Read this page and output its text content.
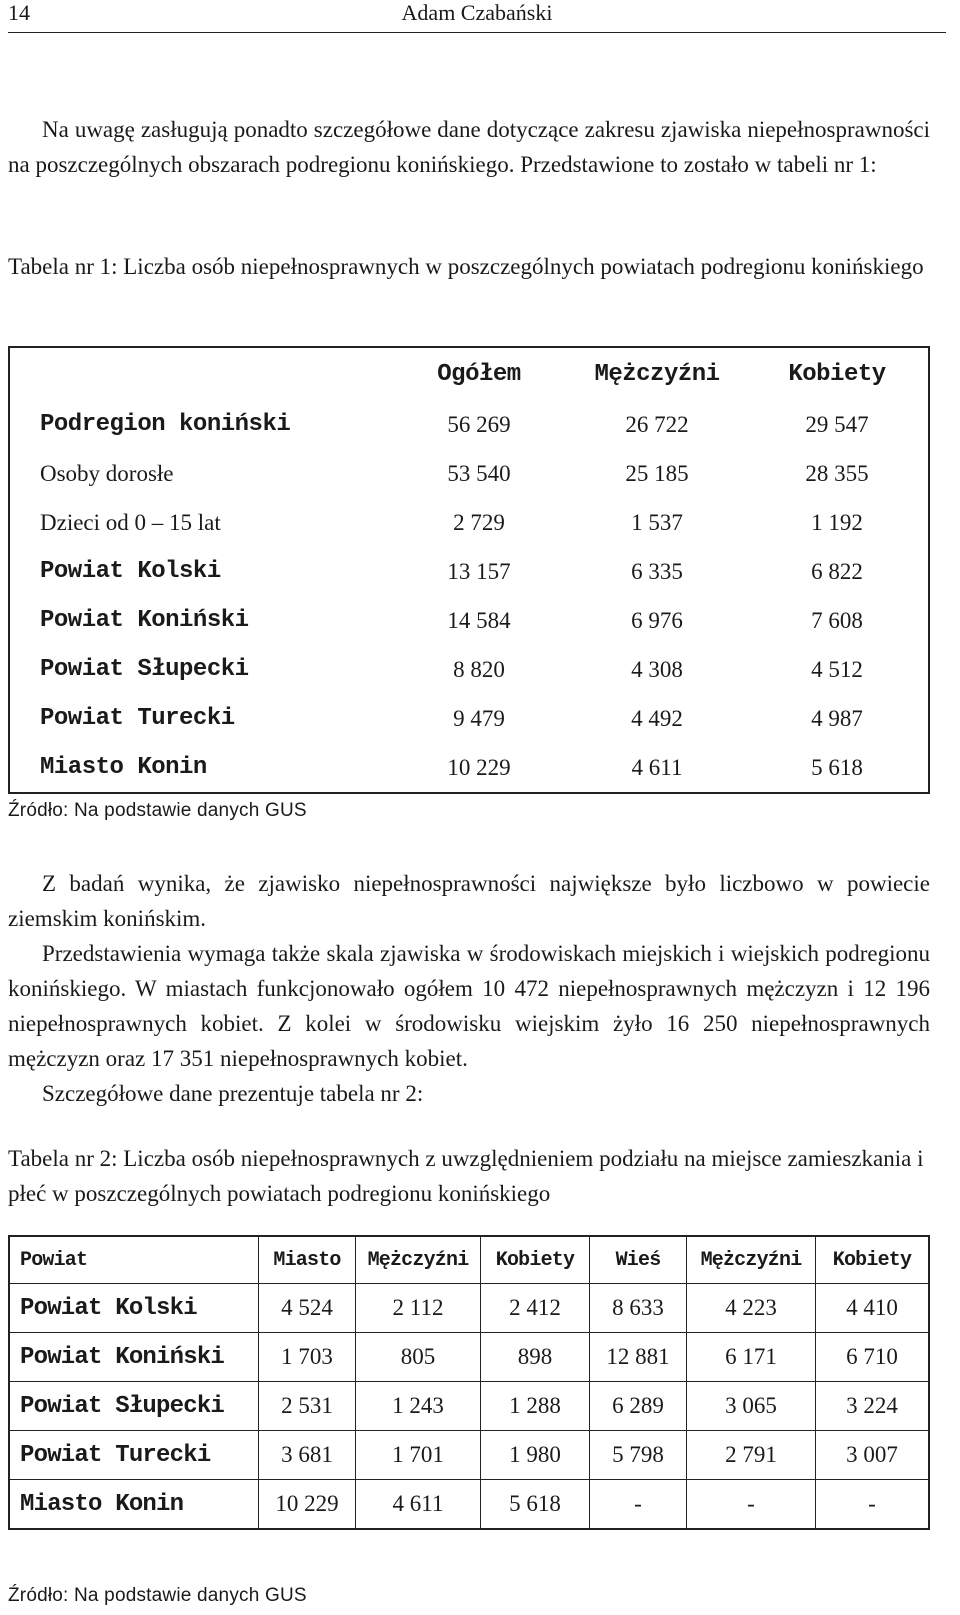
14	Adam Czabański
Na uwagę zasługują ponadto szczegółowe dane dotyczące zakresu zjawiska niepełnosprawności na poszczególnych obszarach podregionu konińskiego. Przedstawione to zostało w tabeli nr 1:
Tabela nr 1: Liczba osób niepełnosprawnych w poszczególnych powiatach podregionu konińskiego
	Ogółem	Mężczyźni	Kobiety
Podregion koniński	56 269	26 722	29 547
Osoby dorosłe	53 540	25 185	28 355
Dzieci od 0 – 15 lat	2 729	1 537	1 192
Powiat Kolski	13 157	6 335	6 822
Powiat Koniński	14 584	6 976	7 608
Powiat Słupecki	8 820	4 308	4 512
Powiat Turecki	9 479	4 492	4 987
Miasto Konin	10 229	4 611	5 618
Źródło: Na podstawie danych GUS
Z badań wynika, że zjawisko niepełnosprawności największe było liczbowo w powiecie ziemskim konińskim.
Przedstawienia wymaga także skala zjawiska w środowiskach miejskich i wiejskich podregionu konińskiego. W miastach funkcjonowało ogółem 10 472 niepełnosprawnych mężczyzn i 12 196 niepełnosprawnych kobiet. Z kolei w środowisku wiejskim żyło 16 250 niepełnosprawnych mężczyzn oraz 17 351 niepełnosprawnych kobiet.
Szczegółowe dane prezentuje tabela nr 2:
Tabela nr 2: Liczba osób niepełnosprawnych z uwzględnieniem podziału na miejsce zamieszkania i płeć w poszczególnych powiatach podregionu konińskiego
Powiat	Miasto	Mężczyźni	Kobiety	Wieś	Mężczyźni	Kobiety
Powiat Kolski	4 524	2 112	2 412	8 633	4 223	4 410
Powiat Koniński	1 703	805	898	12 881	6 171	6 710
Powiat Słupecki	2 531	1 243	1 288	6 289	3 065	3 224
Powiat Turecki	3 681	1 701	1 980	5 798	2 791	3 007
Miasto Konin	10 229	4 611	5 618	-	-	-
Źródło: Na podstawie danych GUS
